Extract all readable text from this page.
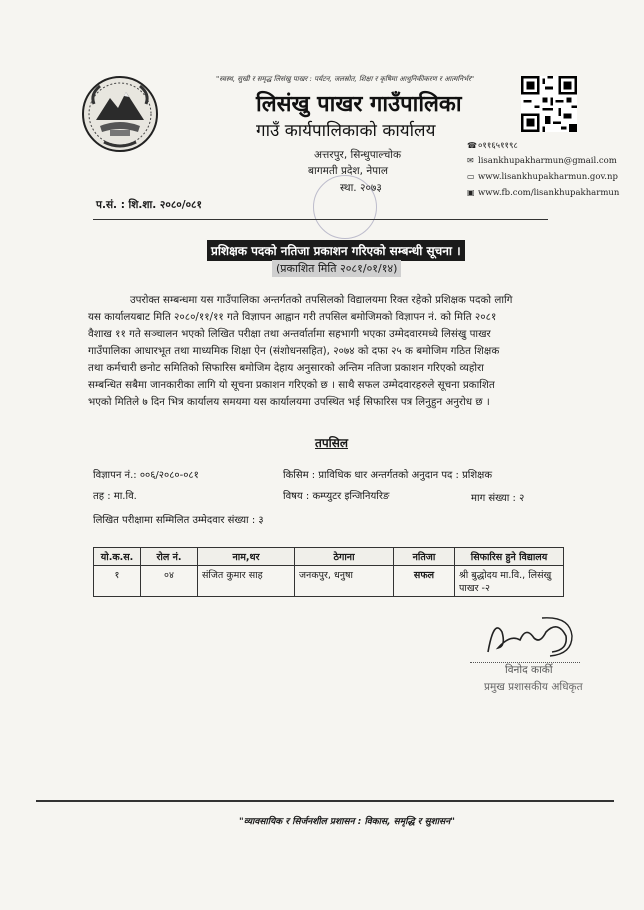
"स्वस्थ, सुखी र समृद्ध लिसंखु पाखर : पर्यटन, जलस्रोत, शिक्षा र कृषिमा आधुनिकीकरण र आत्मनिर्भर"
लिसंखु पाखर गाउँपालिका
गाउँ कार्यपालिकाको कार्यालय
अत्तरपुर, सिन्धुपाल्चोक
बागमती प्रदेश, नेपाल
स्था. २०७३
☎०११६५११९८
✉ lisankhupakharmun@gmail.com
▭ www.lisankhupakharmun.gov.np
▣ www.fb.com/lisankhupakharmun
प.सं. : शि.शा. २०८०/०८१
प्रशिक्षक पदको नतिजा प्रकाशन गरिएको सम्बन्धी सूचना ।
(प्रकाशित मिति २०८१/०१/१४)
उपरोक्त सम्बन्धमा यस गाउँपालिका अन्तर्गतको तपसिलको विद्यालयमा रिक्त रहेको प्रशिक्षक पदको लागि
यस कार्यालयबाट मिति २०८०/११/११ गते विज्ञापन आह्वान गरी तपसिल बमोजिमको विज्ञापन नं. को मिति २०८१
वैशाख ११ गते सञ्चालन भएको लिखित परीक्षा तथा अन्तर्वार्तामा सहभागी भएका उम्मेदवारमध्ये लिसंखु पाखर
गाउँपालिका आधारभूत तथा माध्यमिक शिक्षा ऐन (संशोधनसहित), २०७४ को दफा २५ क बमोजिम गठित शिक्षक
तथा कर्मचारी छनोट समितिको सिफारिस बमोजिम देहाय अनुसारको अन्तिम नतिजा प्रकाशन गरिएको व्यहोरा
सम्बन्धित सबैमा जानकारीका लागि यो सूचना प्रकाशन गरिएको छ । साथै सफल उम्मेदवारहरुले सूचना प्रकाशित
भएको मितिले ७ दिन भित्र कार्यालय समयमा यस कार्यालयमा उपस्थित भई सिफारिस पत्र लिनुहुन अनुरोध छ ।
तपसिल
विज्ञापन नं.: ००६/२०८०-०८१	किसिम : प्राविधिक धार अन्तर्गतको अनुदान पद : प्रशिक्षक
तह : मा.वि.	विषय : कम्प्युटर इन्जिनियरिङ	माग संख्या : २
लिखित परीक्षामा सम्मिलित उम्मेदवार संख्या : ३
यो.क.स.	रोल नं.	नाम,थर	ठेगाना	नतिजा	सिफारिस हुने विद्यालय
१	०४	संजित कुमार साह	जनकपुर, धनुषा	सफल	श्री बुद्धोदय मा.वि., लिसंखु पाखर -२
विनोद कार्की
प्रमुख प्रशासकीय अधिकृत
"व्यावसायिक र सिर्जनशील प्रशासन : विकास, समृद्धि र सुशासन"
